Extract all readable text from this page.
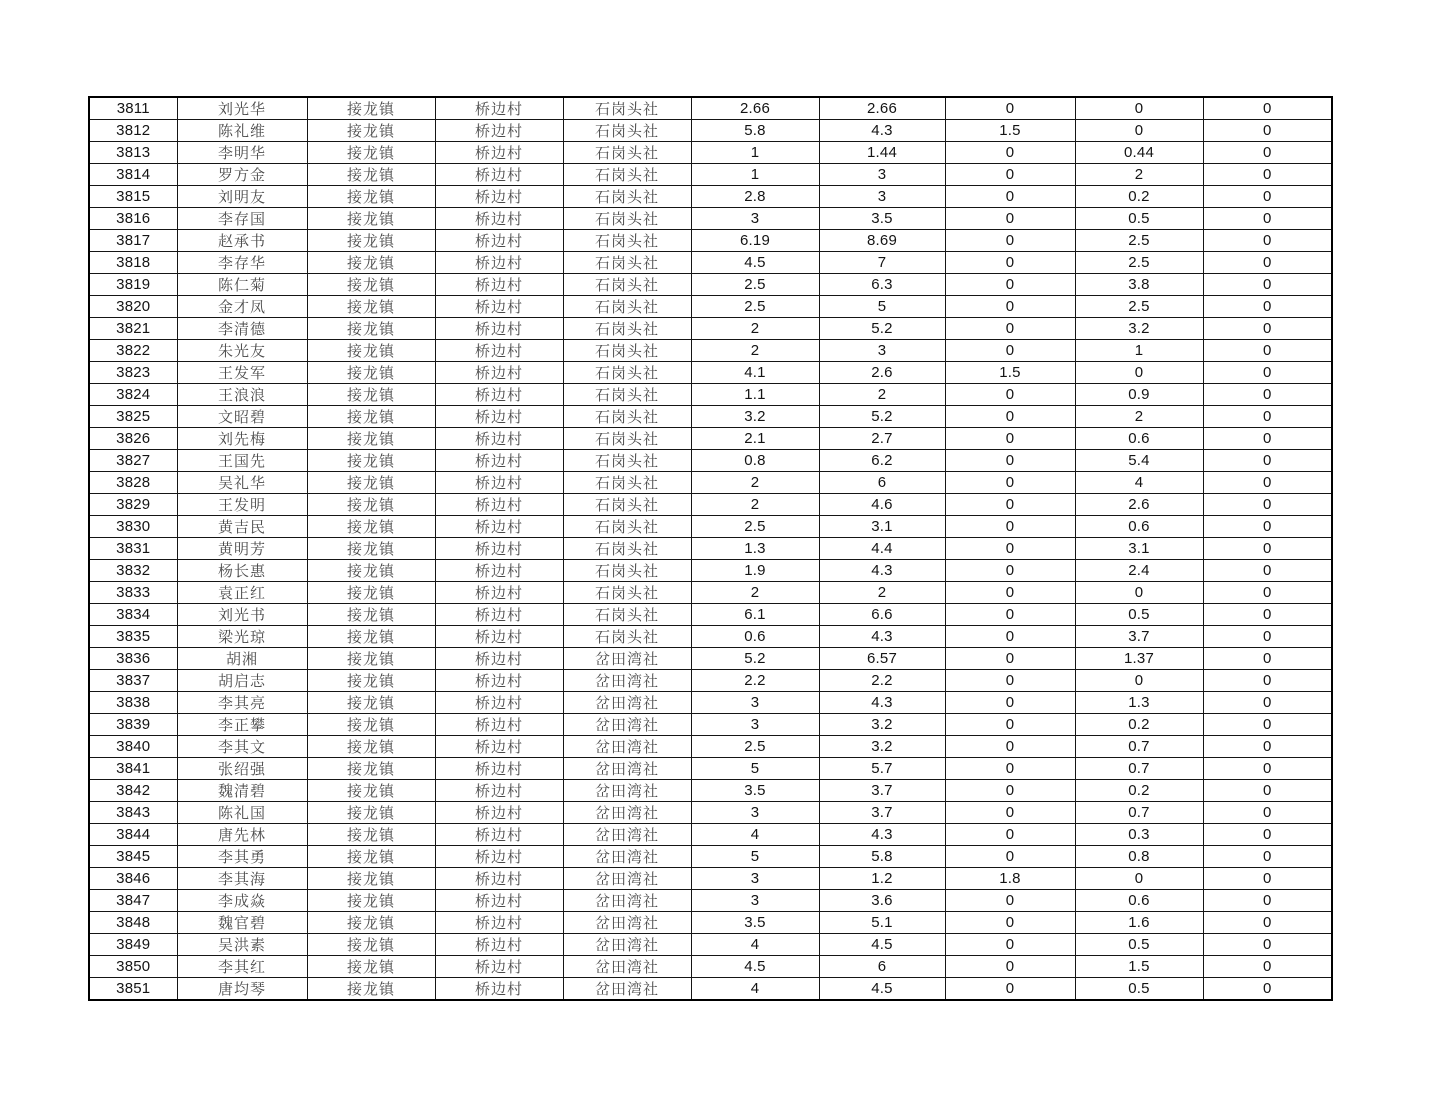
3811	刘光华	接龙镇	桥边村	石岗头社	2.66	2.66	0	0	0
3812	陈礼维	接龙镇	桥边村	石岗头社	5.8	4.3	1.5	0	0
3813	李明华	接龙镇	桥边村	石岗头社	1	1.44	0	0.44	0
3814	罗方金	接龙镇	桥边村	石岗头社	1	3	0	2	0
3815	刘明友	接龙镇	桥边村	石岗头社	2.8	3	0	0.2	0
3816	李存国	接龙镇	桥边村	石岗头社	3	3.5	0	0.5	0
3817	赵承书	接龙镇	桥边村	石岗头社	6.19	8.69	0	2.5	0
3818	李存华	接龙镇	桥边村	石岗头社	4.5	7	0	2.5	0
3819	陈仁菊	接龙镇	桥边村	石岗头社	2.5	6.3	0	3.8	0
3820	金才凤	接龙镇	桥边村	石岗头社	2.5	5	0	2.5	0
3821	李清德	接龙镇	桥边村	石岗头社	2	5.2	0	3.2	0
3822	朱光友	接龙镇	桥边村	石岗头社	2	3	0	1	0
3823	王发军	接龙镇	桥边村	石岗头社	4.1	2.6	1.5	0	0
3824	王浪浪	接龙镇	桥边村	石岗头社	1.1	2	0	0.9	0
3825	文昭碧	接龙镇	桥边村	石岗头社	3.2	5.2	0	2	0
3826	刘先梅	接龙镇	桥边村	石岗头社	2.1	2.7	0	0.6	0
3827	王国先	接龙镇	桥边村	石岗头社	0.8	6.2	0	5.4	0
3828	吴礼华	接龙镇	桥边村	石岗头社	2	6	0	4	0
3829	王发明	接龙镇	桥边村	石岗头社	2	4.6	0	2.6	0
3830	黄吉民	接龙镇	桥边村	石岗头社	2.5	3.1	0	0.6	0
3831	黄明芳	接龙镇	桥边村	石岗头社	1.3	4.4	0	3.1	0
3832	杨长惠	接龙镇	桥边村	石岗头社	1.9	4.3	0	2.4	0
3833	袁正红	接龙镇	桥边村	石岗头社	2	2	0	0	0
3834	刘光书	接龙镇	桥边村	石岗头社	6.1	6.6	0	0.5	0
3835	梁光琼	接龙镇	桥边村	石岗头社	0.6	4.3	0	3.7	0
3836	胡湘	接龙镇	桥边村	岔田湾社	5.2	6.57	0	1.37	0
3837	胡启志	接龙镇	桥边村	岔田湾社	2.2	2.2	0	0	0
3838	李其亮	接龙镇	桥边村	岔田湾社	3	4.3	0	1.3	0
3839	李正攀	接龙镇	桥边村	岔田湾社	3	3.2	0	0.2	0
3840	李其文	接龙镇	桥边村	岔田湾社	2.5	3.2	0	0.7	0
3841	张绍强	接龙镇	桥边村	岔田湾社	5	5.7	0	0.7	0
3842	魏清碧	接龙镇	桥边村	岔田湾社	3.5	3.7	0	0.2	0
3843	陈礼国	接龙镇	桥边村	岔田湾社	3	3.7	0	0.7	0
3844	唐先林	接龙镇	桥边村	岔田湾社	4	4.3	0	0.3	0
3845	李其勇	接龙镇	桥边村	岔田湾社	5	5.8	0	0.8	0
3846	李其海	接龙镇	桥边村	岔田湾社	3	1.2	1.8	0	0
3847	李成焱	接龙镇	桥边村	岔田湾社	3	3.6	0	0.6	0
3848	魏官碧	接龙镇	桥边村	岔田湾社	3.5	5.1	0	1.6	0
3849	吴洪素	接龙镇	桥边村	岔田湾社	4	4.5	0	0.5	0
3850	李其红	接龙镇	桥边村	岔田湾社	4.5	6	0	1.5	0
3851	唐均琴	接龙镇	桥边村	岔田湾社	4	4.5	0	0.5	0
